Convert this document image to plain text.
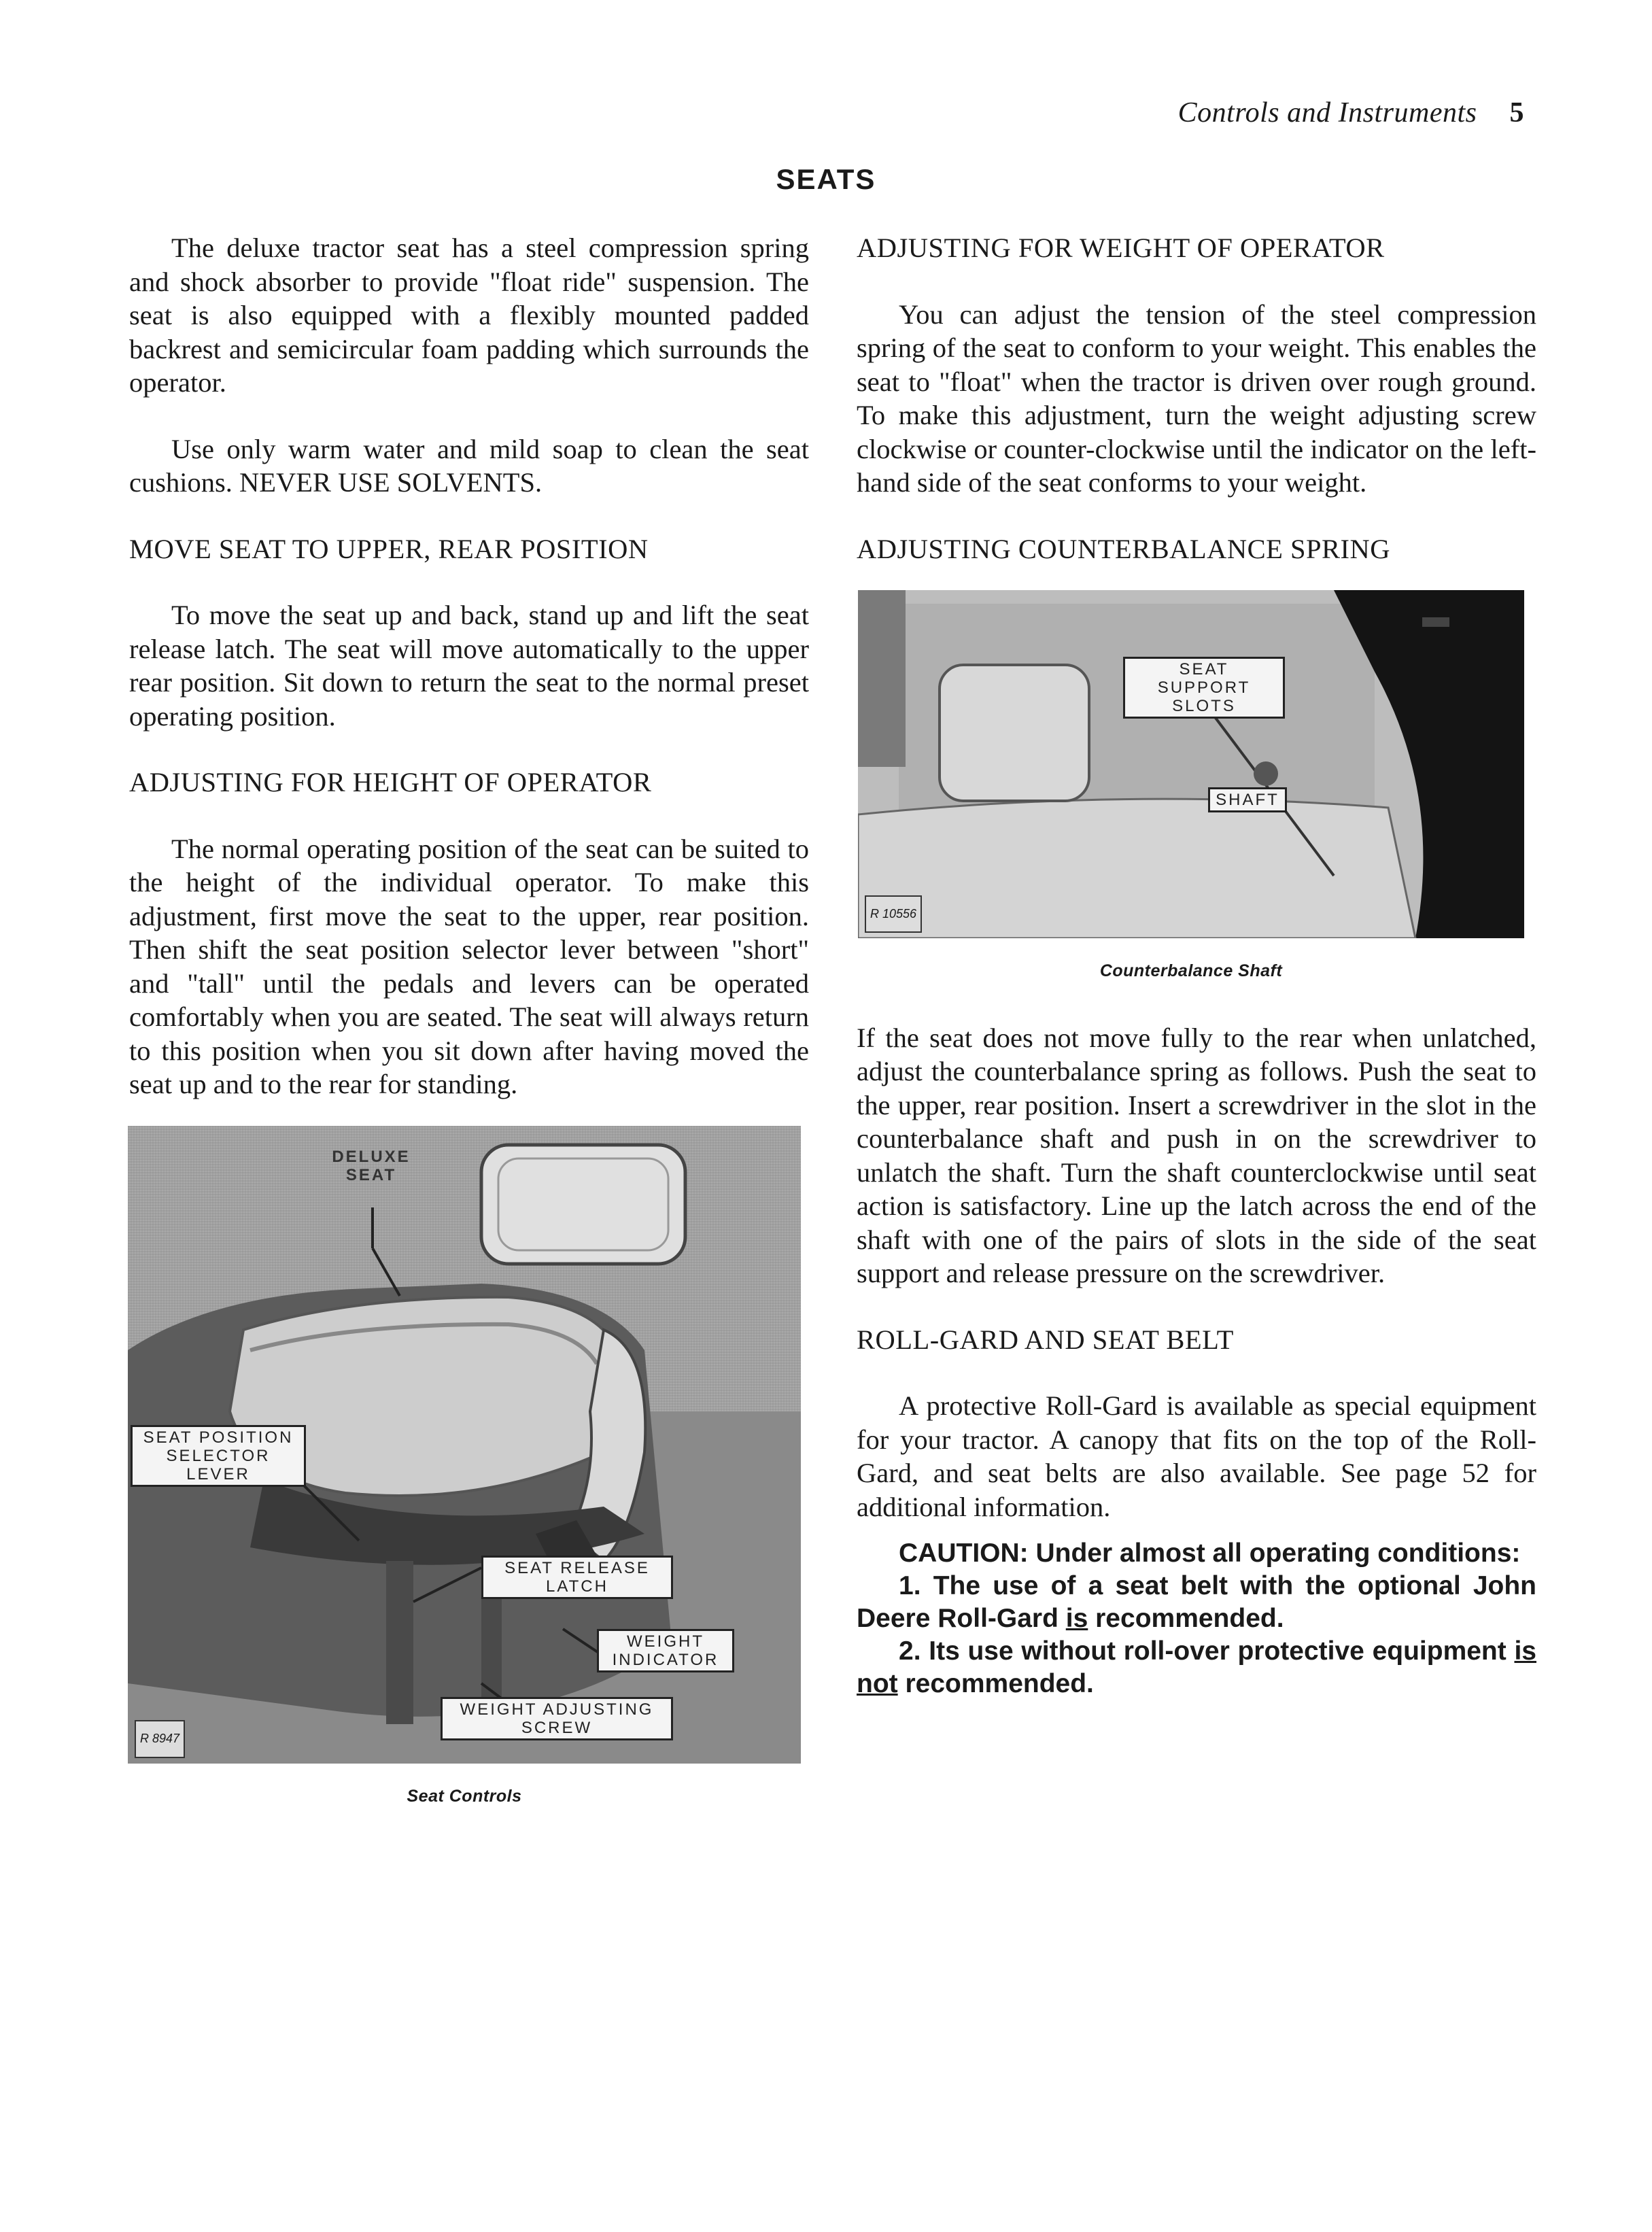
Controls and Instruments 5
SEATS

The deluxe tractor seat has a steel compression spring and shock absorber to provide "float ride" suspension. The seat is also equipped with a flexibly mounted padded backrest and semicircular foam padding which surrounds the operator.

Use only warm water and mild soap to clean the seat cushions. NEVER USE SOLVENTS.

MOVE SEAT TO UPPER, REAR POSITION

To move the seat up and back, stand up and lift the seat release latch. The seat will move automatically to the upper rear position. Sit down to return the seat to the normal preset operating position.

ADJUSTING FOR HEIGHT OF OPERATOR

The normal operating position of the seat can be suited to the height of the individual operator. To make this adjustment, first move the seat to the upper, rear position. Then shift the seat position selector lever between "short" and "tall" until the pedals and levers can be operated comfortably when you are seated. The seat will always return to this position when you sit down after having moved the seat up and to the rear for standing.

DELUXE SEAT
SEAT POSITION SELECTOR LEVER
SEAT RELEASE LATCH
WEIGHT INDICATOR
WEIGHT ADJUSTING SCREW
R 8947
Seat Controls
ADJUSTING FOR WEIGHT OF OPERATOR

You can adjust the tension of the steel compression spring of the seat to conform to your weight. This enables the seat to "float" when the tractor is driven over rough ground. To make this adjustment, turn the weight adjusting screw clockwise or counter-clockwise until the indicator on the left-hand side of the seat conforms to your weight.

ADJUSTING COUNTERBALANCE SPRING
SEAT SUPPORT SLOTS
SHAFT
R 10556
Counterbalance Shaft

If the seat does not move fully to the rear when unlatched, adjust the counterbalance spring as follows. Push the seat to the upper, rear position. Insert a screwdriver in the slot in the counterbalance shaft and push in on the screwdriver to unlatch the shaft. Turn the shaft counterclockwise until seat action is satisfactory. Line up the latch across the end of the shaft with one of the pairs of slots in the side of the seat support and release pressure on the screwdriver.

ROLL-GARD AND SEAT BELT

A protective Roll-Gard is available as special equipment for your tractor. A canopy that fits on the top of the Roll-Gard, and seat belts are also available. See page 52 for additional information.

CAUTION: Under almost all operating conditions:
1. The use of a seat belt with the optional John Deere Roll-Gard is recommended.
2. Its use without roll-over protective equipment is not recommended.
